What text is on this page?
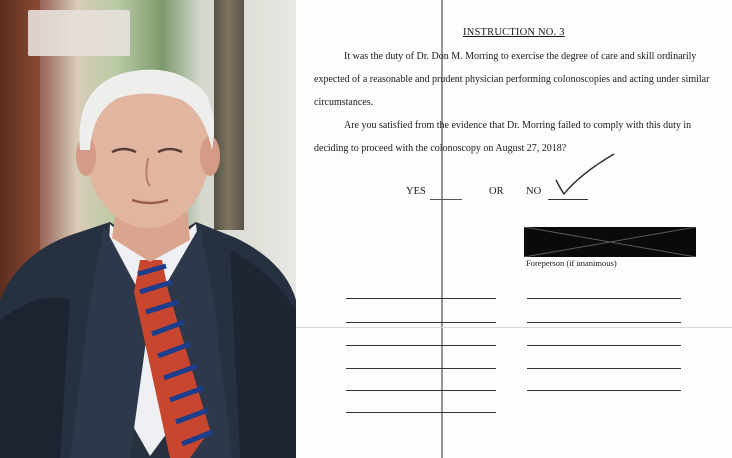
INSTRUCTION NO. 3

It was the duty of Dr. Don M. Morring to exercise the degree of care and skill ordinarily expected of a reasonable and prudent physician performing colonoscopies and acting under similar circumstances.

Are you satisfied from the evidence that Dr. Morring failed to comply with this duty in deciding to proceed with the colonoscopy on August 27, 2018?

YES	OR NO
Foreperson (if unanimous)
